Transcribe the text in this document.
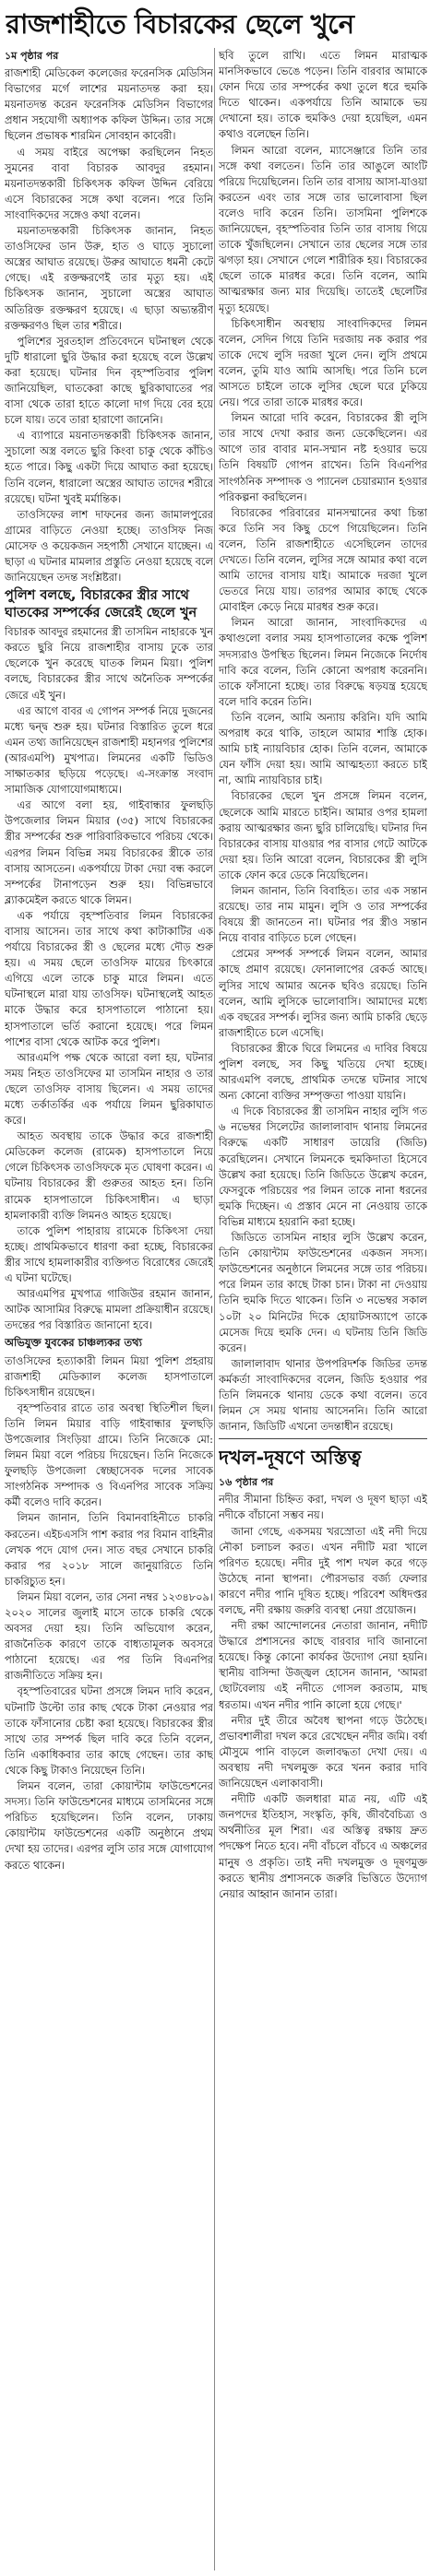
রাজশাহীতে বিচারকের ছেলে খুনে
১ম পৃষ্ঠার পর

রাজশাহী মেডিকেল কলেজের ফরেনসিক মেডিসিন বিভাগের মর্গে লাশের ময়নাতদন্ত করা হয়। ময়নাতদন্ত করেন ফরেনসিক মেডিসিন বিভাগের প্রধান সহযোগী অধ্যাপক কফিল উদ্দিন। তার সঙ্গে ছিলেন প্রভাষক শারমিন সোবহান কাবেরী।

এ সময় বাইরে অপেক্ষা করছিলেন নিহত সুমনের বাবা বিচারক আবদুর রহমান। ময়নাতদন্তকারী চিকিৎসক কফিল উদ্দিন বেরিয়ে এসে বিচারকের সঙ্গে কথা বলেন। পরে তিনি সাংবাদিকদের সঙ্গেও কথা বলেন।

ময়নাতদন্তকারী চিকিৎসক জানান, নিহত তাওসিফের ডান উরু, হাত ও ঘাড়ে সুচালো অস্ত্রের আঘাত রয়েছে। উরুর আঘাতে ধমনী কেটে গেছে। এই রক্তক্ষরণেই তার মৃত্যু হয়। এই চিকিৎসক জানান, সুচালো অস্ত্রের আঘাত অতিরিক্ত রক্তক্ষরণ হয়েছে। এ ছাড়া অভ্যন্তরীণ রক্তক্ষরণও ছিল তার শরীরে।

পুলিশের সুরতহাল প্রতিবেদনে ঘটনাস্থল থেকে দুটি ধারালো ছুরি উদ্ধার করা হয়েছে বলে উল্লেখ করা হয়েছে। ঘটনার দিন বৃহস্পতিবার পুলিশ জানিয়েছিল, ঘাতকেরা কাছে ছুরিকাঘাতের পর বাসা থেকে তারা হাতে কালো দাগ দিয়ে বের হয়ে চলে যায়। তবে তারা হারাণো জানেনি।

এ ব্যাপারে ময়নাতদন্তকারী চিকিৎসক জানান, সুচালো অস্ত্র বলতে ছুরি কিংবা চাকু থেকে কাঁচিও হতে পারে। কিছু একটা দিয়ে আঘাত করা হয়েছে। তিনি বলেন, ধারালো অস্ত্রের আঘাত তাদের শরীরে রয়েছে। ঘটনা খুবই মর্মান্তিক।

তাওসিফের লাশ দাফনের জন্য জামালপুরের গ্রামের বাড়িতে নেওয়া হচ্ছে। তাওসিফ নিজ মোসেফ ও কয়েকজন সহপাঠী সেখানে যাচ্ছেন। এ ছাড়া এ ঘটনার মামলার প্রস্তুতি নেওয়া হয়েছে বলে জানিয়েছেন তদন্ত সংশ্লিষ্টরা।

পুলিশ বলছে, বিচারকের স্ত্রীর সাথে ঘাতকের সম্পর্কের জেরেই ছেলে খুন

বিচারক আবদুর রহমানের স্ত্রী তাসমিন নাহারকে খুন করতে ছুরি নিয়ে রাজশাহীর বাসায় ঢুকে তার ছেলেকে খুন করেছে ঘাতক লিমন মিয়া। পুলিশ বলছে, বিচারকের স্ত্রীর সাথে অনৈতিক সম্পর্কের জেরে এই খুন।

এর আগে বাবর এ গোপন সম্পর্ক নিয়ে দুজনের মধ্যে দ্বন্দ্ব শুরু হয়। ঘটনার বিস্তারিত তুলে ধরে এমন তথ্য জানিয়েছেন রাজশাহী মহানগর পুলিশের (আরএমপি) মুখপাত্র। লিমনের একটি ভিডিও সাক্ষাতকার ছড়িয়ে পড়েছে। এ-সংক্রান্ত সংবাদ সামাজিক যোগাযোগমাধ্যমে।

এর আগে বলা হয়, গাইবান্ধার ফুলছড়ি উপজেলার লিমন মিয়ার (৩৫) সাথে বিচারকের স্ত্রীর সম্পর্কের শুরু পারিবারিকভাবে পরিচয় থেকে। এরপর লিমন বিভিন্ন সময় বিচারকের স্ত্রীকে তার বাসায় আসতেন। একপর্যায়ে টাকা দেয়া বন্ধ করলে সম্পর্কের টানাপড়েন শুরু হয়। বিভিন্নভাবে ব্ল্যাকমেইল করতে থাকে লিমন।

এক পর্যায়ে বৃহস্পতিবার লিমন বিচারকের বাসায় আসেন। তার সাথে কথা কাটাকাটির এক পর্যায়ে বিচারকের স্ত্রী ও ছেলের মধ্যে দৌড় শুরু হয়। এ সময় ছেলে তাওসিফ মায়ের চিৎকারে এগিয়ে এলে তাকে চাকু মারে লিমন। এতে ঘটনাস্থলে মারা যায় তাওসিফ। ঘটনাস্থলেই আহত মাকে উদ্ধার করে হাসপাতালে পাঠানো হয়। হাসপাতালে ভর্তি করানো হয়েছে। পরে লিমন পাশের বাসা থেকে আটক করে পুলিশ।

আরএমপি পক্ষ থেকে আরো বলা হয়, ঘটনার সময় নিহত তাওসিফের মা তাসমিন নাহার ও তার ছেলে তাওসিফ বাসায় ছিলেন। এ সময় তাদের মধ্যে তর্কাতর্কির এক পর্যায়ে লিমন ছুরিকাঘাত করে।

আহত অবস্থায় তাকে উদ্ধার করে রাজশাহী মেডিকেল কলেজ (রামেক) হাসপাতালে নিয়ে গেলে চিকিৎসক তাওসিফকে মৃত ঘোষণা করেন। এ ঘটনায় বিচারকের স্ত্রী গুরুতর আহত হন। তিনি রামেক হাসপাতালে চিকিৎসাধীন। এ ছাড়া হামলাকারী ব্যক্তি লিমনও আহত হয়েছে।

তাকে পুলিশ পাহারায় রামেকে চিকিৎসা দেয়া হচ্ছে। প্রাথমিকভাবে ধারণা করা হচ্ছে, বিচারকের স্ত্রীর সাথে হামলাকারীর ব্যক্তিগত বিরোধের জেরেই এ ঘটনা ঘটেছে।

আরএমপির মুখপাত্র গাজিউর রহমান জানান, আটক আসামির বিরুদ্ধে মামলা প্রক্রিয়াধীন রয়েছে। তদন্তের পর বিস্তারিত জানানো হবে।

অভিযুক্ত যুবকের চাঞ্চল্যকর তথ্য

তাওসিফের হত্যাকারী লিমন মিয়া পুলিশ প্রহরায় রাজশাহী মেডিক্যাল কলেজ হাসপাতালে চিকিৎসাধীন রয়েছেন।

বৃহস্পতিবার রাতে তার অবস্থা স্থিতিশীল ছিল। তিনি লিমন মিয়ার বাড়ি গাইবান্ধার ফুলছড়ি উপজেলার সিংড়িয়া গ্রামে। তিনি নিজেকে মো: লিমন মিয়া বলে পরিচয় দিয়েছেন। তিনি নিজেকে ফুলছড়ি উপজেলা স্বেচ্ছাসেবক দলের সাবেক সাংগঠনিক সম্পাদক ও বিএনপির সাবেক সক্রিয় কর্মী বলেও দাবি করেন।

লিমন জানান, তিনি বিমানবাহিনীতে চাকরি করতেন। এইচএসসি পাশ করার পর বিমান বাহিনীর লেখক পদে যোগ দেন। সাত বছর সেখানে চাকরি করার পর ২০১৮ সালে জানুয়ারিতে তিনি চাকরিচ্যুত হন।

লিমন মিয়া বলেন, তার সেনা নম্বর ১২৩৪৮০৯। ২০২০ সালের জুলাই মাসে তাকে চাকরি থেকে অবসর দেয়া হয়। তিনি অভিযোগ করেন, রাজনৈতিক কারণে তাকে বাধ্যতামূলক অবসরে পাঠানো হয়েছে। এর পর তিনি বিএনপির রাজনীতিতে সক্রিয় হন।

বৃহস্পতিবারের ঘটনা প্রসঙ্গে লিমন দাবি করেন, ঘটনাটি উল্টো তার কাছ থেকে টাকা নেওয়ার পর তাকে ফাঁসানোর চেষ্টা করা হয়েছে। বিচারকের স্ত্রীর সাথে তার সম্পর্ক ছিল দাবি করে তিনি বলেন, তিনি একাধিকবার তার কাছে গেছেন। তার কাছ থেকে কিছু টাকাও নিয়েছেন তিনি।

লিমন বলেন, তারা কোয়ান্টাম ফাউন্ডেশনের সদস্য। তিনি ফাউন্ডেশনের মাধ্যমে তাসমিনের সঙ্গে পরিচিত হয়েছিলেন। তিনি বলেন, ঢাকায় কোয়ান্টাম ফাউন্ডেশনের একটি অনুষ্ঠানে প্রথম দেখা হয় তাদের। এরপর লুসি তার সঙ্গে যোগাযোগ করতে থাকেন।

ছবি তুলে রাখি। এতে লিমন মারাত্মক মানসিকভাবে ভেঙে পড়েন। তিনি বারবার আমাকে ফোন দিয়ে তার সম্পর্কের কথা তুলে ধরে হুমকি দিতে থাকেন। একপর্যায়ে তিনি আমাকে ভয় দেখানো হয়। তাকে হুমকিও দেয়া হয়েছিল, এমন কথাও বলেছেন তিনি।

লিমন আরো বলেন, ম্যাসেঞ্জারে তিনি তার সঙ্গে কথা বলতেন। তিনি তার আঙুলে আংটি পরিয়ে দিয়েছিলেন। তিনি তার বাসায় আসা-যাওয়া করতেন এবং তার সঙ্গে তার ভালোবাসা ছিল বলেও দাবি করেন তিনি। তাসমিনা পুলিশকে জানিয়েছেন, বৃহস্পতিবার তিনি তার বাসায় গিয়ে তাকে খুঁজছিলেন। সেখানে তার ছেলের সঙ্গে তার ঝগড়া হয়। সেখানে গেলে শারীরিক হয়। বিচারকের ছেলে তাকে মারধর করে। তিনি বলেন, আমি আত্মরক্ষার জন্য মার দিয়েছি। তাতেই ছেলেটির মৃত্যু হয়েছে।

চিকিৎসাধীন অবস্থায় সাংবাদিকদের লিমন বলেন, সেদিন গিয়ে তিনি দরজায় নক করার পর তাকে দেখে লুসি দরজা খুলে দেন। লুসি প্রথমে বলেন, তুমি যাও আমি আসছি। পরে তিনি চলে আসতে চাইলে তাকে লুসির ছেলে ঘরে ঢুকিয়ে নেয়। পরে তারা তাকে মারধর করে।

লিমন আরো দাবি করেন, বিচারকের স্ত্রী লুসি তার সাথে দেখা করার জন্য ডেকেছিলেন। এর আগে তার বাবার মান-সম্মান নষ্ট হওয়ার ভয়ে তিনি বিষয়টি গোপন রাখেন। তিনি বিএনপির সাংগঠনিক সম্পাদক ও প্যানেল চেয়ারম্যান হওয়ার পরিকল্পনা করছিলেন।

বিচারকের পরিবারের মানসম্মানের কথা চিন্তা করে তিনি সব কিছু চেপে গিয়েছিলেন। তিনি বলেন, তিনি রাজশাহীতে এসেছিলেন তাদের দেখতে। তিনি বলেন, লুসির সঙ্গে আমার কথা বলে আমি তাদের বাসায় যাই। আমাকে দরজা খুলে ভেতরে নিয়ে যায়। তারপর আমার কাছে থেকে মোবাইল কেড়ে নিয়ে মারধর শুরু করে।

লিমন আরো জানান, সাংবাদিকদের এ কথাগুলো বলার সময় হাসপাতালের কক্ষে পুলিশ সদস্যরাও উপস্থিত ছিলেন। লিমন নিজেকে নির্দোষ দাবি করে বলেন, তিনি কোনো অপরাধ করেননি। তাকে ফাঁসানো হচ্ছে। তার বিরুদ্ধে ষড়যন্ত্র হয়েছে বলে দাবি করেন তিনি।

তিনি বলেন, আমি অন্যায় করিনি। যদি আমি অপরাধ করে থাকি, তাহলে আমার শাস্তি হোক। আমি চাই ন্যায়বিচার হোক। তিনি বলেন, আমাকে যেন ফাঁসি দেয়া হয়। আমি আত্মহত্যা করতে চাই না, আমি ন্যায়বিচার চাই।

বিচারকের ছেলে খুন প্রসঙ্গে লিমন বলেন, ছেলেকে আমি মারতে চাইনি। আমার ওপর হামলা করায় আত্মরক্ষার জন্য ছুরি চালিয়েছি। ঘটনার দিন বিচারকের বাসায় যাওয়ার পর বাসার গেটে আটকে দেয়া হয়। তিনি আরো বলেন, বিচারকের স্ত্রী লুসি তাকে ফোন করে ডেকে নিয়েছিলেন।

লিমন জানান, তিনি বিবাহিত। তার এক সন্তান রয়েছে। তার নাম মামুন। লুসি ও তার সম্পর্কের বিষয়ে স্ত্রী জানতেন না। ঘটনার পর স্ত্রীও সন্তান নিয়ে বাবার বাড়িতে চলে গেছেন।

প্রেমের সম্পর্ক সম্পর্কে লিমন বলেন, আমার কাছে প্রমাণ রয়েছে। ফোনালাপের রেকর্ড আছে। লুসির সাথে আমার অনেক ছবিও রয়েছে। তিনি বলেন, আমি লুসিকে ভালোবাসি। আমাদের মধ্যে এক বছরের সম্পর্ক। লুসির জন্য আমি চাকরি ছেড়ে রাজশাহীতে চলে এসেছি।

বিচারকের স্ত্রীকে ঘিরে লিমনের এ দাবির বিষয়ে পুলিশ বলছে, সব কিছু খতিয়ে দেখা হচ্ছে। আরএমপি বলছে, প্রাথমিক তদন্তে ঘটনার সাথে অন্য কোনো ব্যক্তির সম্পৃক্ততা পাওয়া যায়নি।

এ দিকে বিচারকের স্ত্রী তাসমিন নাহার লুসি গত ৬ নভেম্বর সিলেটের জালালাবাদ থানায় লিমনের বিরুদ্ধে একটি সাধারণ ডায়েরি (জিডি) করেছিলেন। সেখানে লিমনকে হুমকিদাতা হিসেবে উল্লেখ করা হয়েছে। তিনি জিডিতে উল্লেখ করেন, ফেসবুকে পরিচয়ের পর লিমন তাকে নানা ধরনের হুমকি দিচ্ছেন। এ প্রস্তাব মেনে না নেওয়ায় তাকে বিভিন্ন মাধ্যমে হয়রানি করা হচ্ছে।

জিডিতে তাসমিন নাহার লুসি উল্লেখ করেন, তিনি কোয়ান্টাম ফাউন্ডেশনের একজন সদস্য। ফাউন্ডেশনের অনুষ্ঠানে লিমনের সঙ্গে তার পরিচয়। পরে লিমন তার কাছে টাকা চান। টাকা না দেওয়ায় তিনি হুমকি দিতে থাকেন। তিনি ৩ নভেম্বর সকাল ১০টা ২০ মিনিটের দিকে হোয়াটসঅ্যাপে তাকে মেসেজ দিয়ে হুমকি দেন। এ ঘটনায় তিনি জিডি করেন।

জালালাবাদ থানার উপপরিদর্শক জিডির তদন্ত কর্মকর্তা সাংবাদিকদের বলেন, জিডি হওয়ার পর তিনি লিমনকে থানায় ডেকে কথা বলেন। তবে লিমন সে সময় থানায় আসেননি। তিনি আরো জানান, জিডিটি এখনো তদন্তাধীন রয়েছে।

দখল-দূষণে অস্তিত্ব
১৬ পৃষ্ঠার পর

নদীর সীমানা চিহ্নিত করা, দখল ও দূষণ ছাড়া এই নদীকে বাঁচানো সম্ভব নয়।

জানা গেছে, একসময় খরস্রোতা এই নদী দিয়ে নৌকা চলাচল করত। এখন নদীটি মরা খালে পরিণত হয়েছে। নদীর দুই পাশ দখল করে গড়ে উঠেছে নানা স্থাপনা। পৌরসভার বর্জ্য ফেলার কারণে নদীর পানি দূষিত হচ্ছে। পরিবেশ অধিদপ্তর বলছে, নদী রক্ষায় জরুরি ব্যবস্থা নেয়া প্রয়োজন।

নদী রক্ষা আন্দোলনের নেতারা জানান, নদীটি উদ্ধারে প্রশাসনের কাছে বারবার দাবি জানানো হয়েছে। কিন্তু কোনো কার্যকর উদ্যোগ নেয়া হয়নি। স্থানীয় বাসিন্দা উজ্জ্বল হোসেন জানান, 'আমরা ছোটবেলায় এই নদীতে গোসল করতাম, মাছ ধরতাম। এখন নদীর পানি কালো হয়ে গেছে।'

নদীর দুই তীরে অবৈধ স্থাপনা গড়ে উঠেছে। প্রভাবশালীরা দখল করে রেখেছেন নদীর জমি। বর্ষা মৌসুমে পানি বাড়লে জলাবদ্ধতা দেখা দেয়। এ অবস্থায় নদী দখলমুক্ত করে খনন করার দাবি জানিয়েছেন এলাকাবাসী।

নদীটি একটি জলধারা মাত্র নয়, এটি এই জনপদের ইতিহাস, সংস্কৃতি, কৃষি, জীববৈচিত্র্য ও অর্থনীতির মূল শিরা। এর অস্তিত্ব রক্ষায় দ্রুত পদক্ষেপ নিতে হবে। নদী বাঁচলে বাঁচবে এ অঞ্চলের মানুষ ও প্রকৃতি। তাই নদী দখলমুক্ত ও দূষণমুক্ত করতে স্থানীয় প্রশাসনকে জরুরি ভিত্তিতে উদ্যোগ নেয়ার আহ্বান জানান তারা।
